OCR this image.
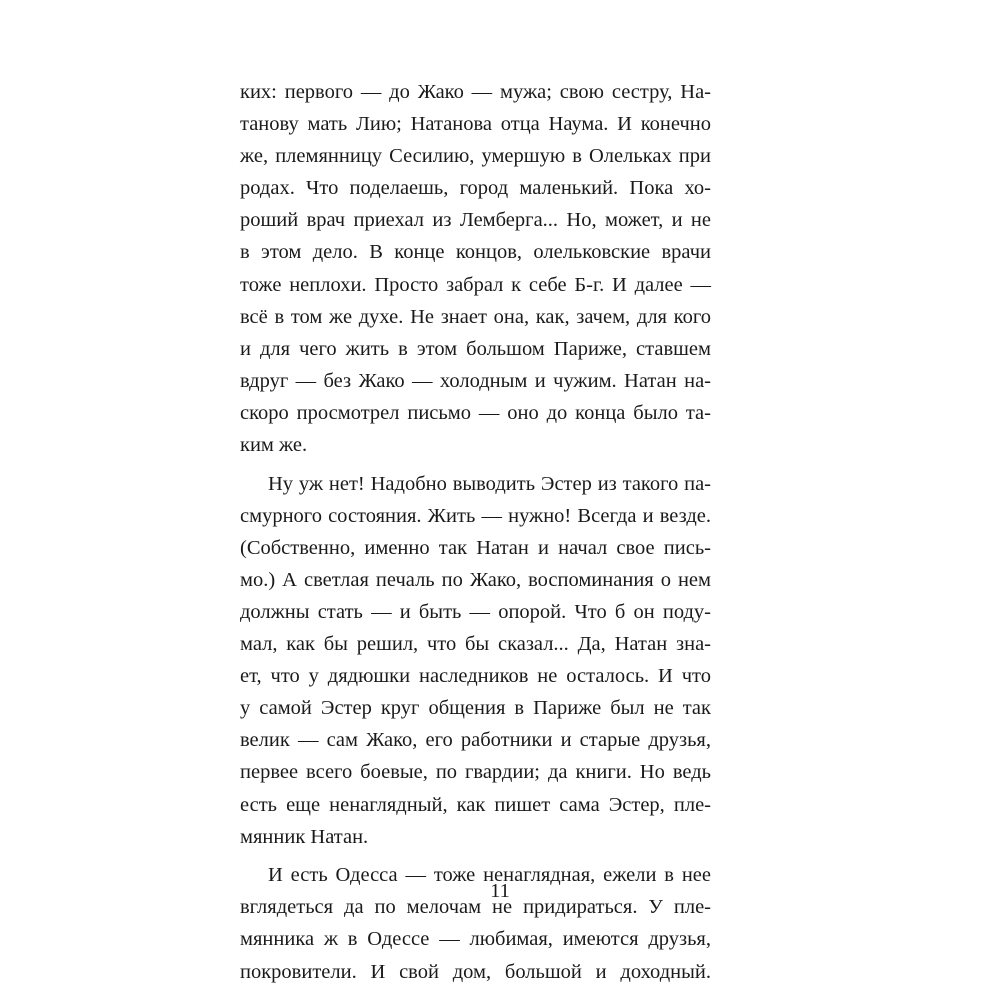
ких: первого — до Жако — мужа; свою сестру, На-
танову мать Лию; Натанова отца Наума. И конечно
же, племянницу Сесилию, умершую в Олельках при
родах. Что поделаешь, город маленький. Пока хо-
роший врач приехал из Лемберга... Но, может, и не
в этом дело. В конце концов, олельковские врачи
тоже неплохи. Просто забрал к себе Б-г. И далее —
всё в том же духе. Не знает она, как, зачем, для кого
и для чего жить в этом большом Париже, ставшем
вдруг — без Жако — холодным и чужим. Натан на-
скоро просмотрел письмо — оно до конца было та-
ким же.
Ну уж нет! Надобно выводить Эстер из такого па-
смурного состояния. Жить — нужно! Всегда и везде.
(Собственно, именно так Натан и начал свое пись-
мо.) А светлая печаль по Жако, воспоминания о нем
должны стать — и быть — опорой. Что б он поду-
мал, как бы решил, что бы сказал... Да, Натан зна-
ет, что у дядюшки наследников не осталось. И что
у самой Эстер круг общения в Париже был не так
велик — сам Жако, его работники и старые друзья,
первее всего боевые, по гвардии; да книги. Но ведь
есть еще ненаглядный, как пишет сама Эстер, пле-
мянник Натан.
И есть Одесса — тоже ненаглядная, ежели в нее
вглядеться да по мелочам не придираться. У пле-
мянника ж в Одессе — любимая, имеются друзья,
покровители. И свой дом, большой и доходный.
11
